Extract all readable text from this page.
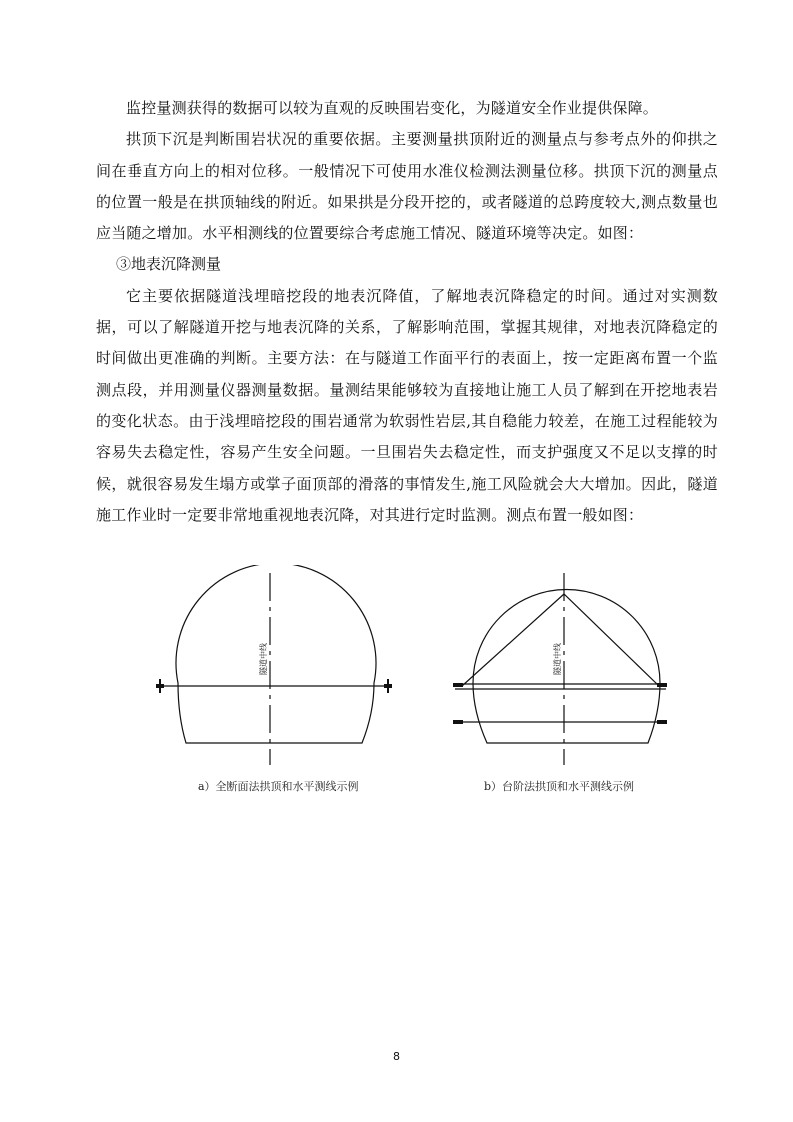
监控量测获得的数据可以较为直观的反映围岩变化，为隧道安全作业提供保障。

拱顶下沉是判断围岩状况的重要依据。主要测量拱顶附近的测量点与参考点外的仰拱之间在垂直方向上的相对位移。一般情况下可使用水准仪检测法测量位移。拱顶下沉的测量点的位置一般是在拱顶轴线的附近。如果拱是分段开挖的，或者隧道的总跨度较大,测点数量也应当随之增加。水平相测线的位置要综合考虑施工情况、隧道环境等决定。如图：

③地表沉降测量

它主要依据隧道浅埋暗挖段的地表沉降值，了解地表沉降稳定的时间。通过对实测数据，可以了解隧道开挖与地表沉降的关系，了解影响范围，掌握其规律，对地表沉降稳定的时间做出更准确的判断。主要方法：在与隧道工作面平行的表面上，按一定距离布置一个监测点段，并用测量仪器测量数据。量测结果能够较为直接地让施工人员了解到在开挖地表岩的变化状态。由于浅埋暗挖段的围岩通常为软弱性岩层,其自稳能力较差，在施工过程能较为容易失去稳定性，容易产生安全问题。一旦围岩失去稳定性，而支护强度又不足以支撑的时候，就很容易发生塌方或掌子面顶部的滑落的事情发生,施工风险就会大大增加。因此，隧道施工作业时一定要非常地重视地表沉降，对其进行定时监测。测点布置一般如图：

隧道中线	隧道中线
a）全断面法拱顶和水平测线示例	b）台阶法拱顶和水平测线示例
8
